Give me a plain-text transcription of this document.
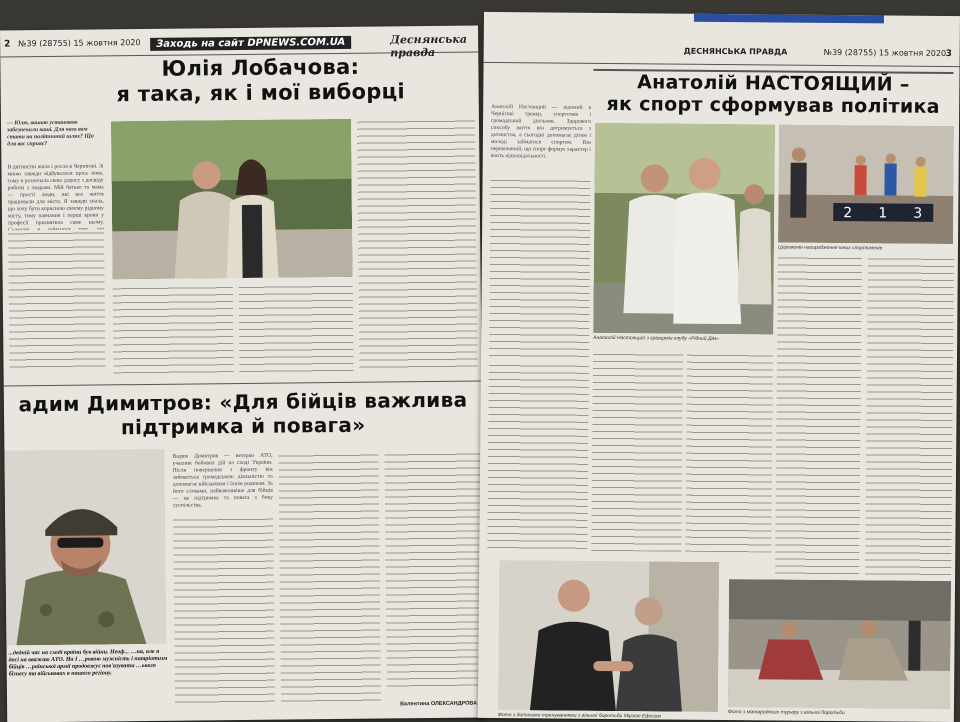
2 №39 (28755) 15 жовтня 2020	Заходь на сайт DPNEWS.COM.UA	Деснянська правда
Юлія Лобачова:
я така, як і мої виборці
— Юлю, вашою установою забезпечили ваші. Для чого вам стати на політичний шлях? Що для вас сприяє?
В дитинстві жила і росла в Чернігові. Зі мною завжди відбувалося щось нове, тому я розпочала свою дорогу з досвіду роботи з людьми. Мій батько та мама — прості люди, які все життя працювали для міста. Я завжди знала, що хочу бути корисною своєму рідному місту, тому навчання і перші кроки у професії присвятила саме цьому.
адим Димитров: «Для бійців важлива
підтримка й повага»
...дедній час на сході країни був війни. Неоф... …на, але я досі на вважаю АТО. На І …ровою мужність і патріотизм бійців …раїнської армії продовжує пов'язувати …ького бізнесу та військових в нашого регіону.
Вадим Димитров — ветеран АТО, учасник бойових дій на сході України. Після повернення з фронту він займається громадською діяльністю та допомагає військовим і їхнім родинам. За його словами, найважливіше для бійців — це підтримка та повага з боку суспільства.
Валентина ОЛЕКСАНДРОВА
ДЕСНЯНСЬКА ПРАВДА	№39 (28755) 15 жовтня 2020 3
Анатолій НАСТОЯЩИЙ –
як спорт сформував політика
Анатолій Настоящий — відомий в Чернігові тренер, спортсмен і громадський діяльник. Здорового способу життя він дотримується з дитинства, а сьогодні допомагає дітям і молоді займатися спортом. Він переконаний, що спорт формує характер і вчить відповідальності.
Анатолій Настоящий з гравцями клубу «Рідний Дім»
2 1 3
Церемонія нагородження юних спортсменів
Фото з дитячими тренуваннями з вільної боротьби Мірзою Ефезим	Фото з міжнародного турніру з вільної боротьби
